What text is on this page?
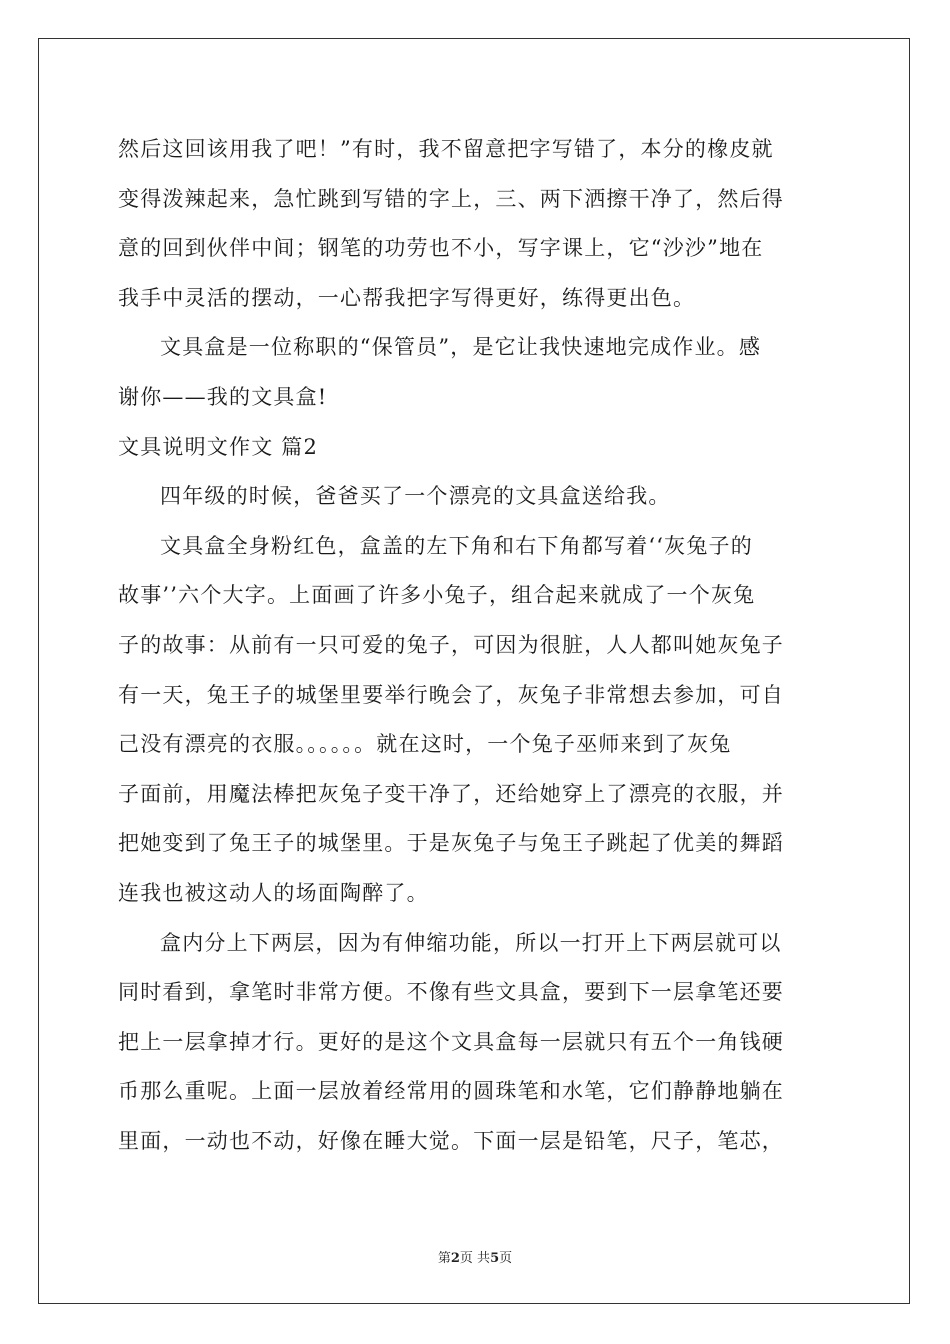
然后这回该用我了吧！”有时，我不留意把字写错了，本分的橡皮就
变得泼辣起来，急忙跳到写错的字上，三、两下洒擦干净了，然后得
意的回到伙伴中间；钢笔的功劳也不小，写字课上，它“沙沙”地在
我手中灵活的摆动，一心帮我把字写得更好，练得更出色。
文具盒是一位称职的“保管员”，是它让我快速地完成作业。感
谢你——我的文具盒!
文具说明文作文 篇2
四年级的时候，爸爸买了一个漂亮的文具盒送给我。
文具盒全身粉红色，盒盖的左下角和右下角都写着‘‘灰兔子的
故事’’六个大字。上面画了许多小兔子，组合起来就成了一个灰兔
子的故事：从前有一只可爱的兔子，可因为很脏，人人都叫她灰兔子
有一天，兔王子的城堡里要举行晚会了，灰兔子非常想去参加，可自
己没有漂亮的衣服。。。。。。就在这时，一个兔子巫师来到了灰兔
子面前，用魔法棒把灰兔子变干净了，还给她穿上了漂亮的衣服，并
把她变到了兔王子的城堡里。于是灰兔子与兔王子跳起了优美的舞蹈
连我也被这动人的场面陶醉了。
盒内分上下两层，因为有伸缩功能，所以一打开上下两层就可以
同时看到，拿笔时非常方便。不像有些文具盒，要到下一层拿笔还要
把上一层拿掉才行。更好的是这个文具盒每一层就只有五个一角钱硬
币那么重呢。上面一层放着经常用的圆珠笔和水笔，它们静静地躺在
里面，一动也不动，好像在睡大觉。下面一层是铅笔，尺子，笔芯，
第2页 共5页
